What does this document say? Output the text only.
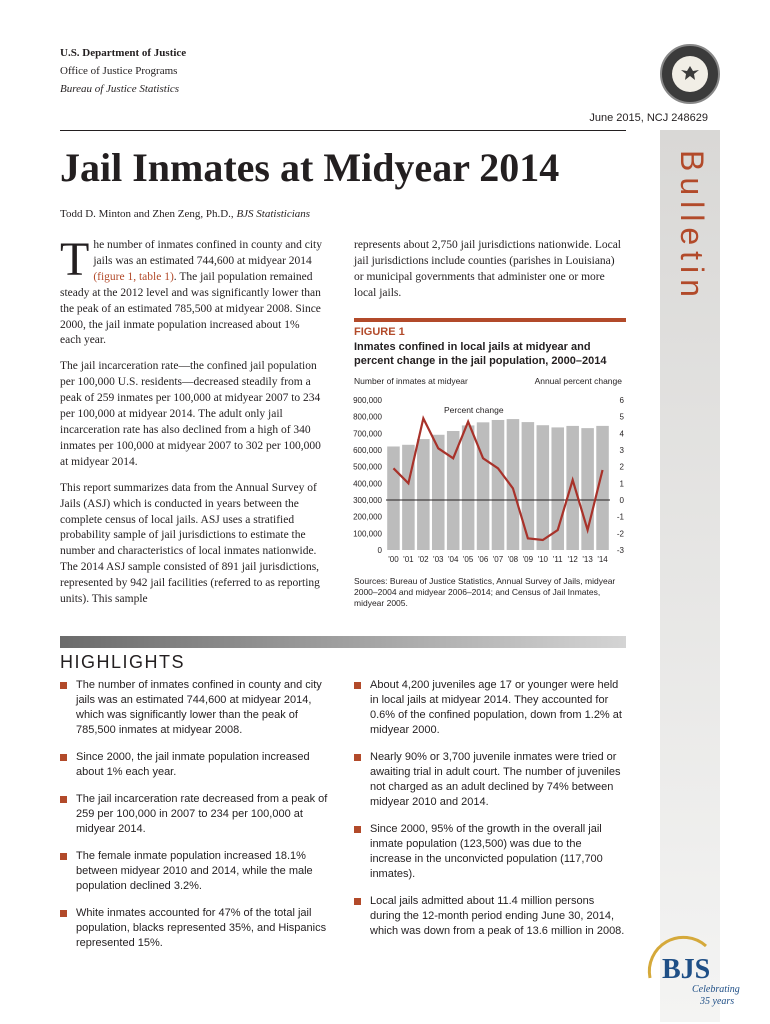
U.S. Department of Justice
Office of Justice Programs
Bureau of Justice Statistics
June 2015, NCJ 248629
Bulletin
Jail Inmates at Midyear 2014
Todd D. Minton and Zhen Zeng, Ph.D., BJS Statisticians

The number of inmates confined in county and city jails was an estimated 744,600 at midyear 2014 (figure 1, table 1). The jail population remained steady at the 2012 level and was significantly lower than the peak of an estimated 785,500 at midyear 2008. Since 2000, the jail inmate population increased about 1% each year.

The jail incarceration rate—the confined jail population per 100,000 U.S. residents—decreased steadily from a peak of 259 inmates per 100,000 at midyear 2007 to 234 per 100,000 at midyear 2014. The adult only jail incarceration rate has also declined from a high of 340 inmates per 100,000 at midyear 2007 to 302 per 100,000 at midyear 2014.

This report summarizes data from the Annual Survey of Jails (ASJ) which is conducted in years between the complete census of local jails. ASJ uses a stratified probability sample of jail jurisdictions to estimate the number and characteristics of local inmates nationwide. The 2014 ASJ sample consisted of 891 jail jurisdictions, represented by 942 jail facilities (referred to as reporting units). This sample

represents about 2,750 jail jurisdictions nationwide. Local jail jurisdictions include counties (parishes in Louisiana) or municipal governments that administer one or more local jails.

FIGURE 1
Inmates confined in local jails at midyear and percent change in the jail population, 2000–2014
Number of inmates at midyear	Annual percent change
900,000
800,000
700,000
600,000
500,000
400,000
300,000
200,000
100,000
0
6
5
4
3
2
1
0
-1
-2
-3
'00 '01 '02 '03 '04 '05 '06 '07 '08 '09 '10 '11 '12 '13 '14
Percent change
Sources: Bureau of Justice Statistics, Annual Survey of Jails, midyear 2000–2004 and midyear 2006–2014; and Census of Jail Inmates, midyear 2005.
HIGHLIGHTS
The number of inmates confined in county and city jails was an estimated 744,600 at midyear 2014, which was significantly lower than the peak of 785,500 inmates at midyear 2008.
Since 2000, the jail inmate population increased about 1% each year.
The jail incarceration rate decreased from a peak of 259 per 100,000 in 2007 to 234 per 100,000 at midyear 2014.
The female inmate population increased 18.1% between midyear 2010 and 2014, while the male population declined 3.2%.
White inmates accounted for 47% of the total jail population, blacks represented 35%, and Hispanics represented 15%.
About 4,200 juveniles age 17 or younger were held in local jails at midyear 2014. They accounted for 0.6% of the confined population, down from 1.2% at midyear 2000.
Nearly 90% or 3,700 juvenile inmates were tried or awaiting trial in adult court. The number of juveniles not charged as an adult declined by 74% between midyear 2010 and 2014.
Since 2000, 95% of the growth in the overall jail inmate population (123,500) was due to the increase in the unconvicted population (117,700 inmates).
Local jails admitted about 11.4 million persons during the 12-month period ending June 30, 2014, which was down from a peak of 13.6 million in 2008.
BJS
Celebrating
35 years
